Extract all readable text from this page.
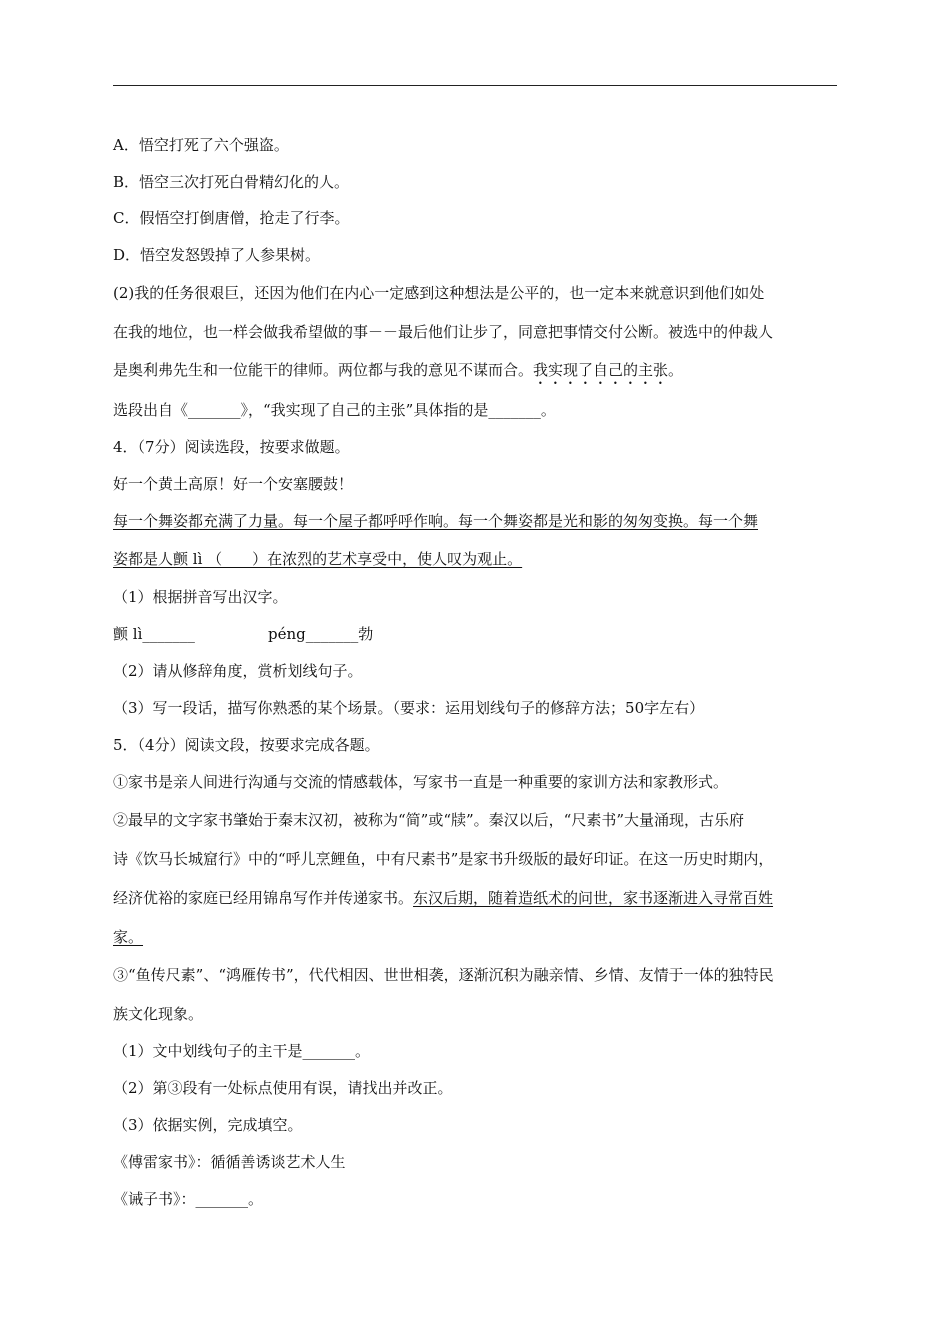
A．悟空打死了六个强盗。
B．悟空三次打死白骨精幻化的人。
C．假悟空打倒唐僧，抢走了行李。
D．悟空发怒毁掉了人参果树。
(2)我的任务很艰巨，还因为他们在内心一定感到这种想法是公平的，也一定本来就意识到他们如处
在我的地位，也一样会做我希望做的事－－最后他们让步了，同意把事情交付公断。被选中的仲裁人
是奥利弗先生和一位能干的律师。两位都与我的意见不谋而合。我实现了自己的主张。
选段出自《_______》，“我实现了自己的主张”具体指的是_______。
4．（7分）阅读选段，按要求做题。
好一个黄土高原！好一个安塞腰鼓！
每一个舞姿都充满了力量。每一个屋子都呼呼作响。每一个舞姿都是光和影的匆匆变换。每一个舞
姿都是人颤 lì （　　）在浓烈的艺术享受中，使人叹为观止。
（1）根据拼音写出汉字。
颤 lì_______	péng_______勃
（2）请从修辞角度，赏析划线句子。
（3）写一段话，描写你熟悉的某个场景。（要求：运用划线句子的修辞方法；50字左右）
5．（4分）阅读文段，按要求完成各题。
①家书是亲人间进行沟通与交流的情感载体，写家书一直是一种重要的家训方法和家教形式。
②最早的文字家书肇始于秦末汉初，被称为“简”或“牍”。秦汉以后，“尺素书”大量涌现，古乐府
诗《饮马长城窟行》中的“呼儿烹鲤鱼，中有尺素书”是家书升级版的最好印证。在这一历史时期内，
经济优裕的家庭已经用锦帛写作并传递家书。东汉后期，随着造纸术的问世，家书逐渐进入寻常百姓
家。
③“鱼传尺素”、“鸿雁传书”，代代相因、世世相袭，逐渐沉积为融亲情、乡情、友情于一体的独特民
族文化现象。
（1）文中划线句子的主干是_______。
（2）第③段有一处标点使用有误，请找出并改正。
（3）依据实例，完成填空。
《傅雷家书》：循循善诱谈艺术人生
《诫子书》：_______。
